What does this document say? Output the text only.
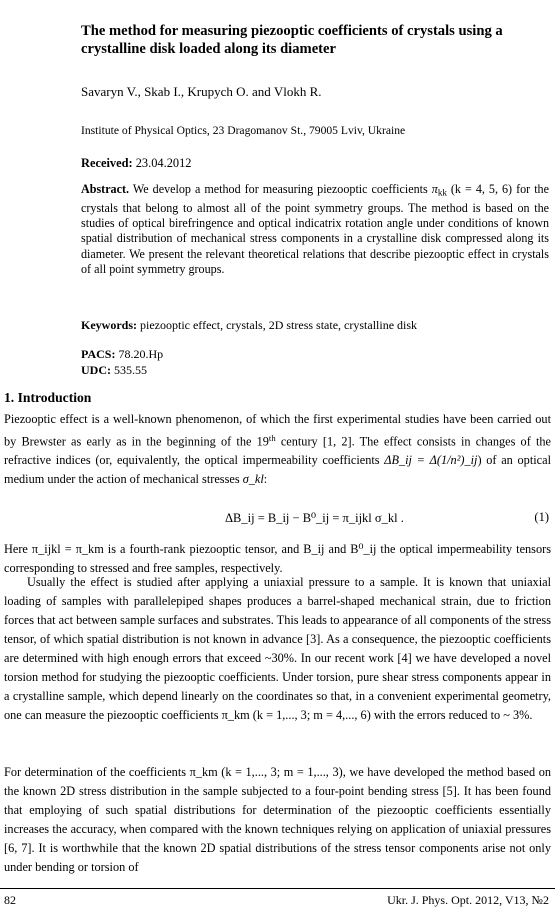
The method for measuring piezooptic coefficients of crystals using a crystalline disk loaded along its diameter

Savaryn V., Skab I., Krupych O. and Vlokh R.

Institute of Physical Optics, 23 Dragomanov St., 79005 Lviv, Ukraine

Received: 23.04.2012

Abstract. We develop a method for measuring piezooptic coefficients $\pi_{kk}$ (k = 4, 5, 6) for the crystals that belong to almost all of the point symmetry groups. The method is based on the studies of optical birefringence and optical indicatrix rotation angle under conditions of known spatial distribution of mechanical stress components in a crystalline disk compressed along its diameter. We present the relevant theoretical relations that describe piezooptic effect in crystals of all point symmetry groups.

Keywords: piezooptic effect, crystals, 2D stress state, crystalline disk

PACS: 78.20.Hp
UDC: 535.55
1. Introduction

Piezooptic effect is a well-known phenomenon, of which the first experimental studies have been carried out by Brewster as early as in the beginning of the 19th century [1, 2]. The effect consists in changes of the refractive indices (or, equivalently, the optical impermeability coefficients ΔB_ij = Δ(1/n²)_ij) of an optical medium under the action of mechanical stresses σ_kl:

ΔB_ij = B_ij − B⁰_ij = π_ijkl σ_kl .	(1)

Here π_ijkl = π_km is a fourth-rank piezooptic tensor, and B_ij and B⁰_ij the optical impermeability tensors corresponding to stressed and free samples, respectively.

Usually the effect is studied after applying a uniaxial pressure to a sample. It is known that uniaxial loading of samples with parallelepiped shapes produces a barrel-shaped mechanical strain, due to friction forces that act between sample surfaces and substrates. This leads to appearance of all components of the stress tensor, of which spatial distribution is not known in advance [3]. As a consequence, the piezooptic coefficients are determined with high enough errors that exceed ~30%. In our recent work [4] we have developed a novel torsion method for studying the piezooptic coefficients. Under torsion, pure shear stress components appear in a crystalline sample, which depend linearly on the coordinates so that, in a convenient experimental geometry, one can measure the piezooptic coefficients π_km (k = 1,..., 3; m = 4,..., 6) with the errors reduced to ~ 3%.

For determination of the coefficients π_km (k = 1,..., 3; m = 1,..., 3), we have developed the method based on the known 2D stress distribution in the sample subjected to a four-point bending stress [5]. It has been found that employing of such spatial distributions for determination of the piezooptic coefficients essentially increases the accuracy, when compared with the known techniques relying on application of uniaxial pressures [6, 7]. It is worthwhile that the known 2D spatial distributions of the stress tensor components arise not only under bending or torsion of

82	Ukr. J. Phys. Opt. 2012, V13, №2
